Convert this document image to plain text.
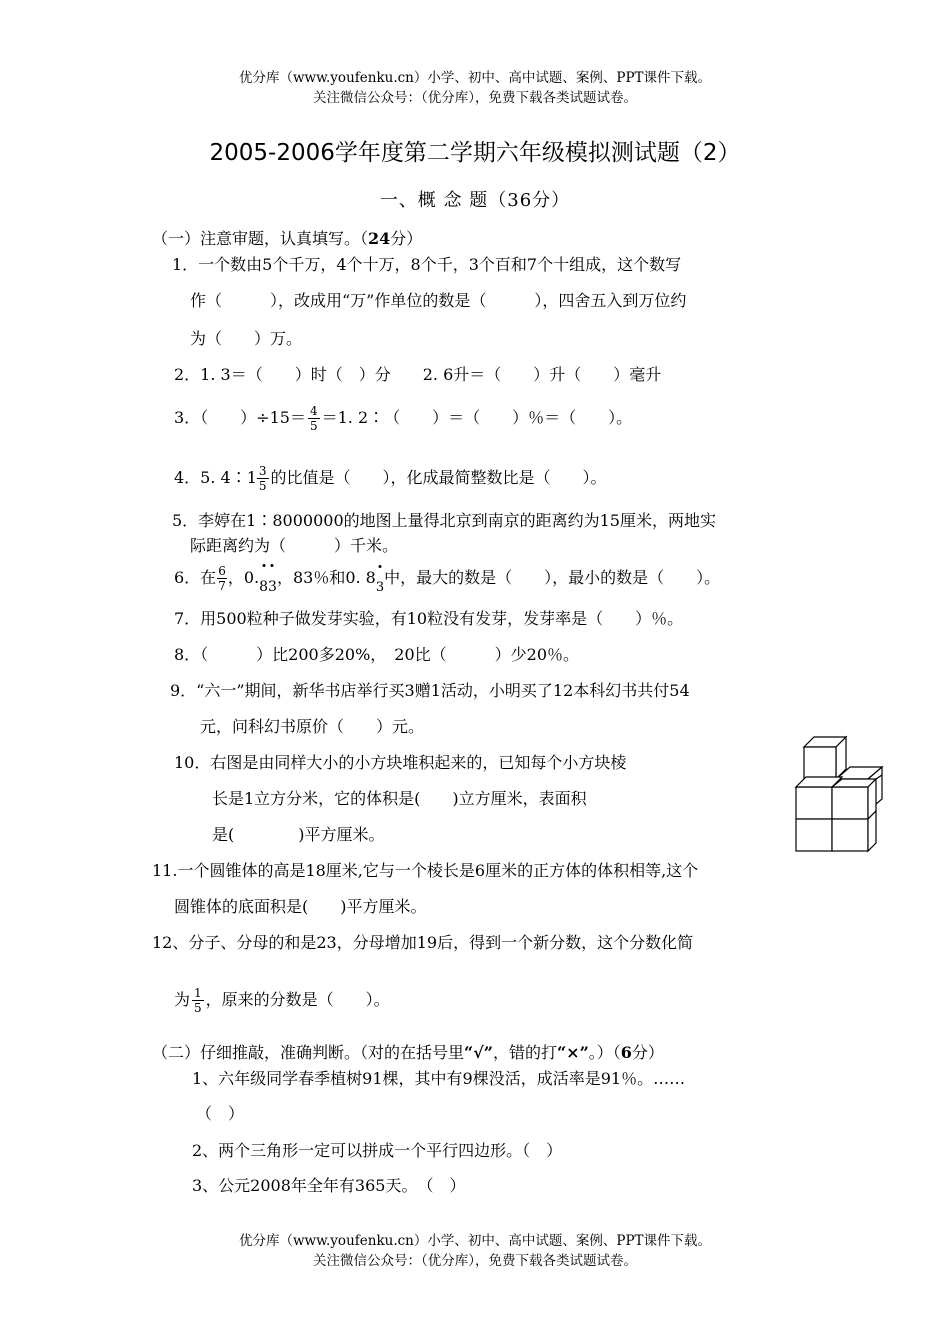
优分库（www.youfenku.cn）小学、初中、高中试题、案例、PPT课件下载。
关注微信公众号：（优分库），免费下载各类试题试卷。
2005-2006学年度第二学期六年级模拟测试题（2）
一、概 念 题（36分）
（一）注意审题，认真填写。（24分）
1．一个数由5个千万，4个十万，8个千，3个百和7个十组成，这个数写
作（　　　），改成用“万”作单位的数是（　　　），四舍五入到万位约
为（　　）万。
2．1. 3＝（　　）时（　）分　　2. 6升＝（　　）升（　　）毫升
3．（　　）$\div 15= \frac{4}{5} =1$. 2∶（　　）＝（　　）％＝（　　）。
4．5. 4∶1 $\frac{3}{5}$ 的比值是（　　），化成最简整数比是（　　）。
5．李婷在1∶8000000的地图上量得北京到南京的距离约为15厘米，两地实
际距离约为（　　　）千米。
6．在 $\frac{6}{7}$ ，0.83，83％和0. 83中，最大的数是（　　），最小的数是（　　）。
7．用500粒种子做发芽实验，有10粒没有发芽，发芽率是（　　）％。
8．（　　　）比200多20%，　20比（　　　）少20％。
9．“六一”期间，新华书店举行买3赠1活动，小明买了12本科幻书共付54
元，问科幻书原价（　　）元。
10．右图是由同样大小的小方块堆积起来的，已知每个小方块棱
长是1立方分米，它的体积是(　　)立方厘米，表面积
是(　　　　)平方厘米。
11.一个圆锥体的高是18厘米,它与一个棱长是6厘米的正方体的体积相等,这个
圆锥体的底面积是(　　)平方厘米。
12、分子、分母的和是23，分母增加19后，得到一个新分数，这个分数化简
为 $\frac{1}{5}$ ，原来的分数是（　　）。
（二）仔细推敲，准确判断。（对的在括号里“√”，错的打“×”。）（6分）
1、六年级同学春季植树91棵，其中有9棵没活，成活率是91％。……
（　）
2、两个三角形一定可以拼成一个平行四边形。（　）
3、公元2008年全年有365天。　（　）
优分库（www.youfenku.cn）小学、初中、高中试题、案例、PPT课件下载。
关注微信公众号：（优分库），免费下载各类试题试卷。
